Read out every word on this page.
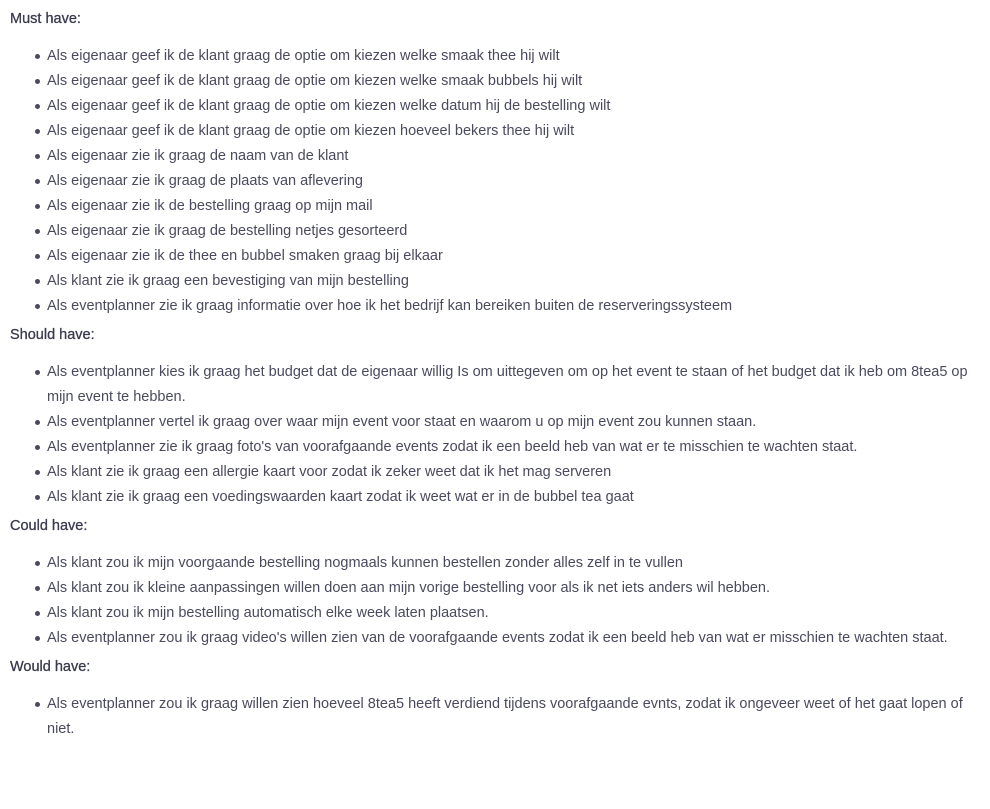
Must have:
Als eigenaar geef ik de klant graag de optie om kiezen welke smaak thee hij wilt
Als eigenaar geef ik de klant graag de optie om kiezen welke smaak bubbels hij wilt
Als eigenaar geef ik de klant graag de optie om kiezen welke datum hij de bestelling wilt
Als eigenaar geef ik de klant graag de optie om kiezen hoeveel bekers thee hij wilt
Als eigenaar zie ik graag de naam van de klant
Als eigenaar zie ik graag de plaats van aflevering
Als eigenaar zie ik de bestelling graag op mijn mail
Als eigenaar zie ik graag de bestelling netjes gesorteerd
Als eigenaar zie ik de thee en bubbel smaken graag bij elkaar
Als klant zie ik graag een bevestiging van mijn bestelling
Als eventplanner zie ik graag informatie over hoe ik het bedrijf kan bereiken buiten de reserveringssysteem
Should have:
Als eventplanner kies ik graag het budget dat de eigenaar willig Is om uittegeven om op het event te staan of het budget dat ik heb om 8tea5 op mijn event te hebben.
Als eventplanner vertel ik graag over waar mijn event voor staat en waarom u op mijn event zou kunnen staan.
Als eventplanner zie ik graag foto's van voorafgaande events zodat ik een beeld heb van wat er te misschien te wachten staat.
Als klant zie ik graag een allergie kaart voor zodat ik zeker weet dat ik het mag serveren
Als klant zie ik graag een voedingswaarden kaart zodat ik weet wat er in de bubbel tea gaat
Could have:
Als klant zou ik mijn voorgaande bestelling nogmaals kunnen bestellen zonder alles zelf in te vullen
Als klant zou ik kleine aanpassingen willen doen aan mijn vorige bestelling voor als ik net iets anders wil hebben.
Als klant zou ik mijn bestelling automatisch elke week laten plaatsen.
Als eventplanner zou ik graag video's willen zien van de voorafgaande events zodat ik een beeld heb van wat er misschien te wachten staat.
Would have:
Als eventplanner zou ik graag willen zien hoeveel 8tea5 heeft verdiend tijdens voorafgaande evnts, zodat ik ongeveer weet of het gaat lopen of niet.
